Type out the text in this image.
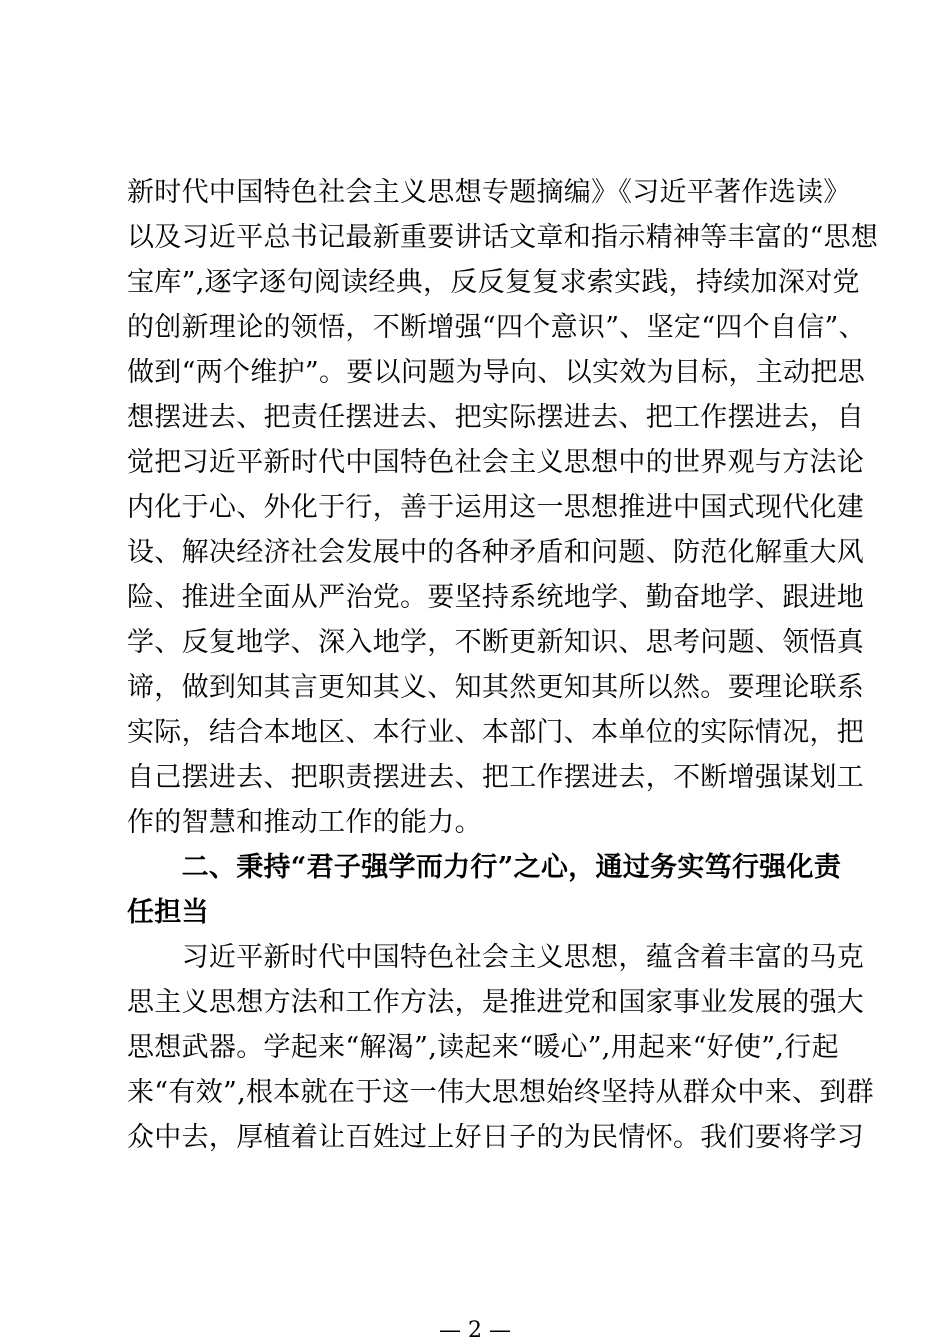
新时代中国特色社会主义思想专题摘编》《习近平著作选读》
以及习近平总书记最新重要讲话文章和指示精神等丰富的“思想
宝库”,逐字逐句阅读经典，反反复复求索实践，持续加深对党
的创新理论的领悟，不断增强“四个意识”、坚定“四个自信”、
做到“两个维护”。要以问题为导向、以实效为目标，主动把思
想摆进去、把责任摆进去、把实际摆进去、把工作摆进去，自
觉把习近平新时代中国特色社会主义思想中的世界观与方法论
内化于心、外化于行，善于运用这一思想推进中国式现代化建
设、解决经济社会发展中的各种矛盾和问题、防范化解重大风
险、推进全面从严治党。要坚持系统地学、勤奋地学、跟进地
学、反复地学、深入地学，不断更新知识、思考问题、领悟真
谛，做到知其言更知其义、知其然更知其所以然。要理论联系
实际，结合本地区、本行业、本部门、本单位的实际情况，把
自己摆进去、把职责摆进去、把工作摆进去，不断增强谋划工
作的智慧和推动工作的能力。
　　二、秉持“君子强学而力行”之心，通过务实笃行强化责
任担当
　　习近平新时代中国特色社会主义思想，蕴含着丰富的马克
思主义思想方法和工作方法，是推进党和国家事业发展的强大
思想武器。学起来“解渴”,读起来“暖心”,用起来“好使”,行起
来“有效”,根本就在于这一伟大思想始终坚持从群众中来、到群
众中去，厚植着让百姓过上好日子的为民情怀。我们要将学习
— 2 —
